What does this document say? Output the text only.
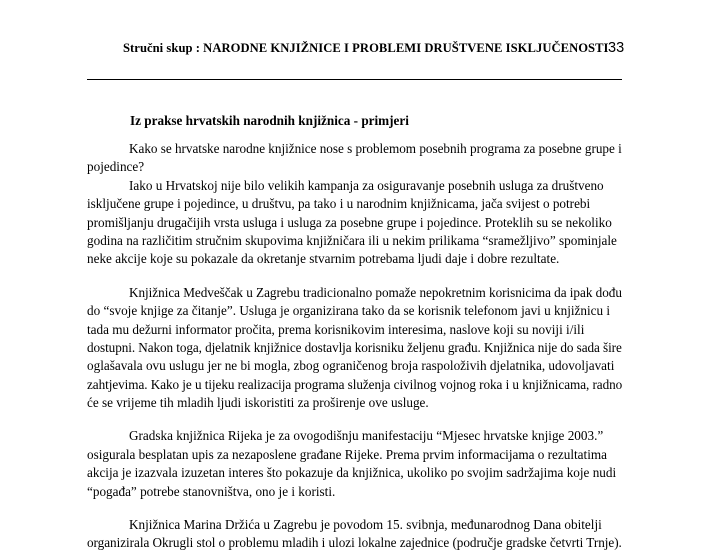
Stručni skup : NARODNE KNJIŽNICE I PROBLEMI DRUŠTVENE ISKLJUČENOSTI 33
Iz prakse hrvatskih narodnih knjižnica - primjeri

Kako se hrvatske narodne knjižnice nose s problemom posebnih programa za posebne grupe i
pojedince?

Iako u Hrvatskoj nije bilo velikih kampanja za osiguravanje posebnih usluga za društveno
isključene grupe i pojedince, u društvu, pa tako i u narodnim knjižnicama, jača svijest o potrebi
promišljanju drugačijih vrsta usluga i usluga za posebne grupe i pojedince. Proteklih su se nekoliko
godina na različitim stručnim skupovima knjižničara ili u nekim prilikama “sramežljivo” spominjale
neke akcije koje su pokazale da okretanje stvarnim potrebama ljudi daje i dobre rezultate.

Knjižnica Medveščak u Zagrebu tradicionalno pomaže nepokretnim korisnicima da ipak dođu
do “svoje knjige za čitanje”. Usluga je organizirana tako da se korisnik telefonom javi u knjižnicu i
tada mu dežurni informator pročita, prema korisnikovim interesima, naslove koji su noviji i/ili
dostupni. Nakon toga, djelatnik knjižnice dostavlja korisniku željenu građu. Knjižnica nije do sada šire
oglašavala ovu uslugu jer ne bi mogla, zbog ograničenog broja raspoloživih djelatnika, udovoljavati
zahtjevima. Kako je u tijeku realizacija programa služenja civilnog vojnog roka i u knjižnicama, radno
će se vrijeme tih mladih ljudi iskoristiti za proširenje ove usluge.

Gradska knjižnica Rijeka je za ovogodišnju manifestaciju “Mjesec hrvatske knjige 2003.”
osigurala besplatan upis za nezaposlene građane Rijeke. Prema prvim informacijama o rezultatima
akcija je izazvala izuzetan interes što pokazuje da knjižnica, ukoliko po svojim sadržajima koje nudi
“pogađa” potrebe stanovništva, ono je i koristi.

Knjižnica Marina Držića u Zagrebu je povodom 15. svibnja, međunarodnog Dana obitelji
organizirala Okrugli stol o problemu mladih i ulozi lokalne zajednice (područje gradske četvrti Trnje).
